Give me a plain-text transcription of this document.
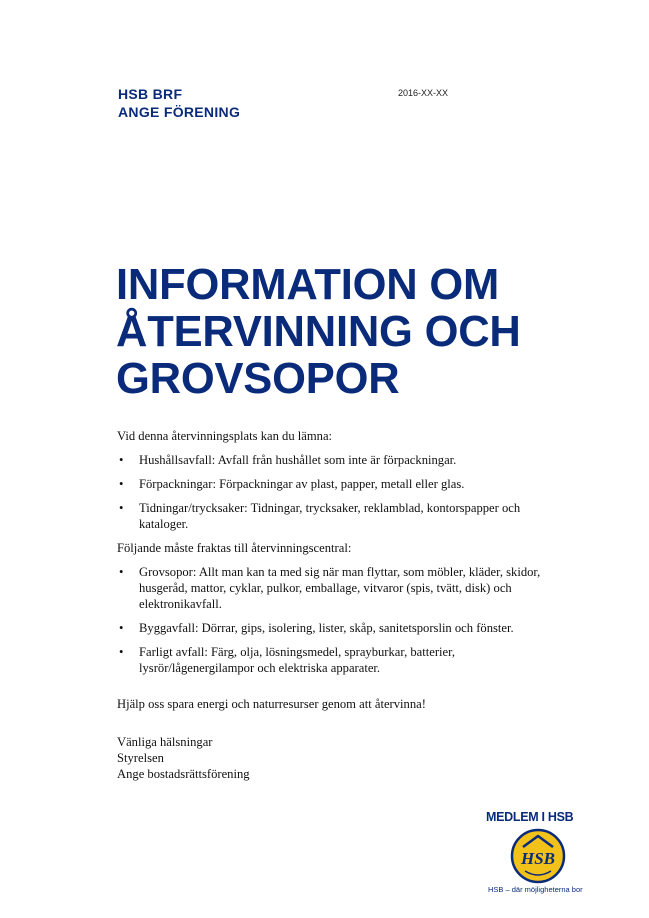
HSB BRF
ANGE FÖRENING
2016-XX-XX
INFORMATION OM
ÅTERVINNING OCH
GROVSOPOR

Vid denna återvinningsplats kan du lämna:

• Hushållsavfall: Avfall från hushållet som inte är förpackningar.
• Förpackningar: Förpackningar av plast, papper, metall eller glas.
• Tidningar/trycksaker: Tidningar, trycksaker, reklamblad, kontorspapper och kataloger.

Följande måste fraktas till återvinningscentral:

• Grovsopor: Allt man kan ta med sig när man flyttar, som möbler, kläder, skidor, husgeråd, mattor, cyklar, pulkor, emballage, vitvaror (spis, tvätt, disk) och elektronikavfall.
• Byggavfall: Dörrar, gips, isolering, lister, skåp, sanitetsporslin och fönster.
• Farligt avfall: Färg, olja, lösningsmedel, sprayburkar, batterier, lysrör/lågenergilampor och elektriska apparater.

Hjälp oss spara energi och naturresurser genom att återvinna!

Vänliga hälsningar

Styrelsen

Ange bostadsrättsförening

MEDLEM I HSB
HSB
HSB – där möjligheterna bor
